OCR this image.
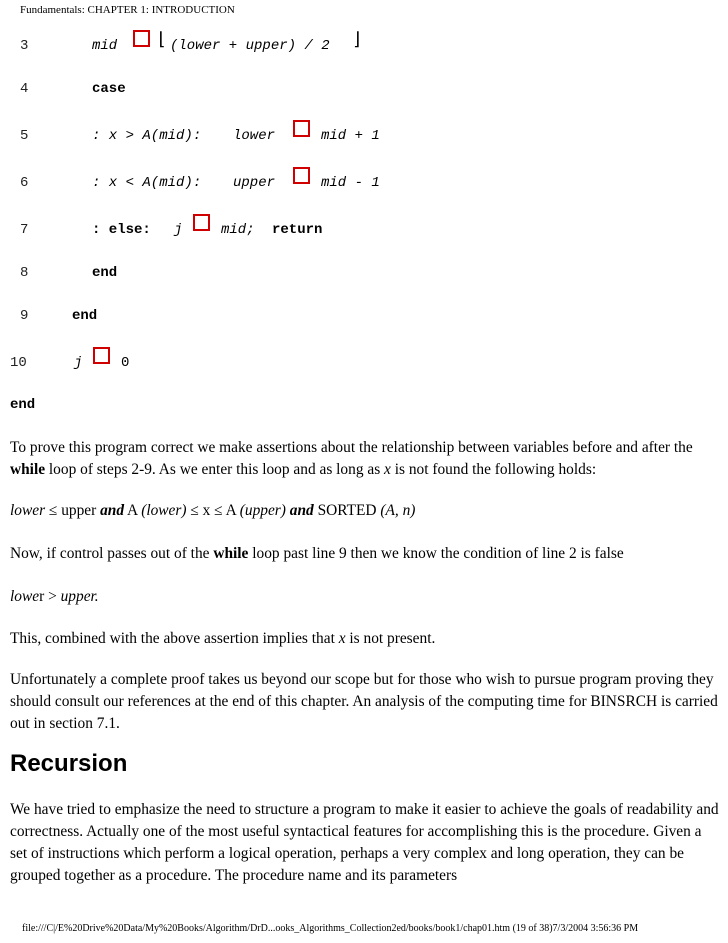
Fundamentals: CHAPTER 1: INTRODUCTION
3	mid	(lower + upper) / 2
⌊	⌋
4	case
5	: x > A(mid): lower	mid + 1
6	: x < A(mid): upper	mid - 1
7	: else: j	mid; return
8	end
9	end
10	j	0
end

To prove this program correct we make assertions about the relationship between variables before and after the while loop of steps 2-9. As we enter this loop and as long as x is not found the following holds:

lower ≤ upper and A (lower) ≤ x ≤ A (upper) and SORTED (A, n)

Now, if control passes out of the while loop past line 9 then we know the condition of line 2 is false

lower > upper.

This, combined with the above assertion implies that x is not present.

Unfortunately a complete proof takes us beyond our scope but for those who wish to pursue program proving they should consult our references at the end of this chapter. An analysis of the computing time for BINSRCH is carried out in section 7.1.

Recursion

We have tried to emphasize the need to structure a program to make it easier to achieve the goals of readability and correctness. Actually one of the most useful syntactical features for accomplishing this is the procedure. Given a set of instructions which perform a logical operation, perhaps a very complex and long operation, they can be grouped together as a procedure. The procedure name and its parameters

file:///C|/E%20Drive%20Data/My%20Books/Algorithm/DrD...ooks_Algorithms_Collection2ed/books/book1/chap01.htm (19 of 38)7/3/2004 3:56:36 PM
